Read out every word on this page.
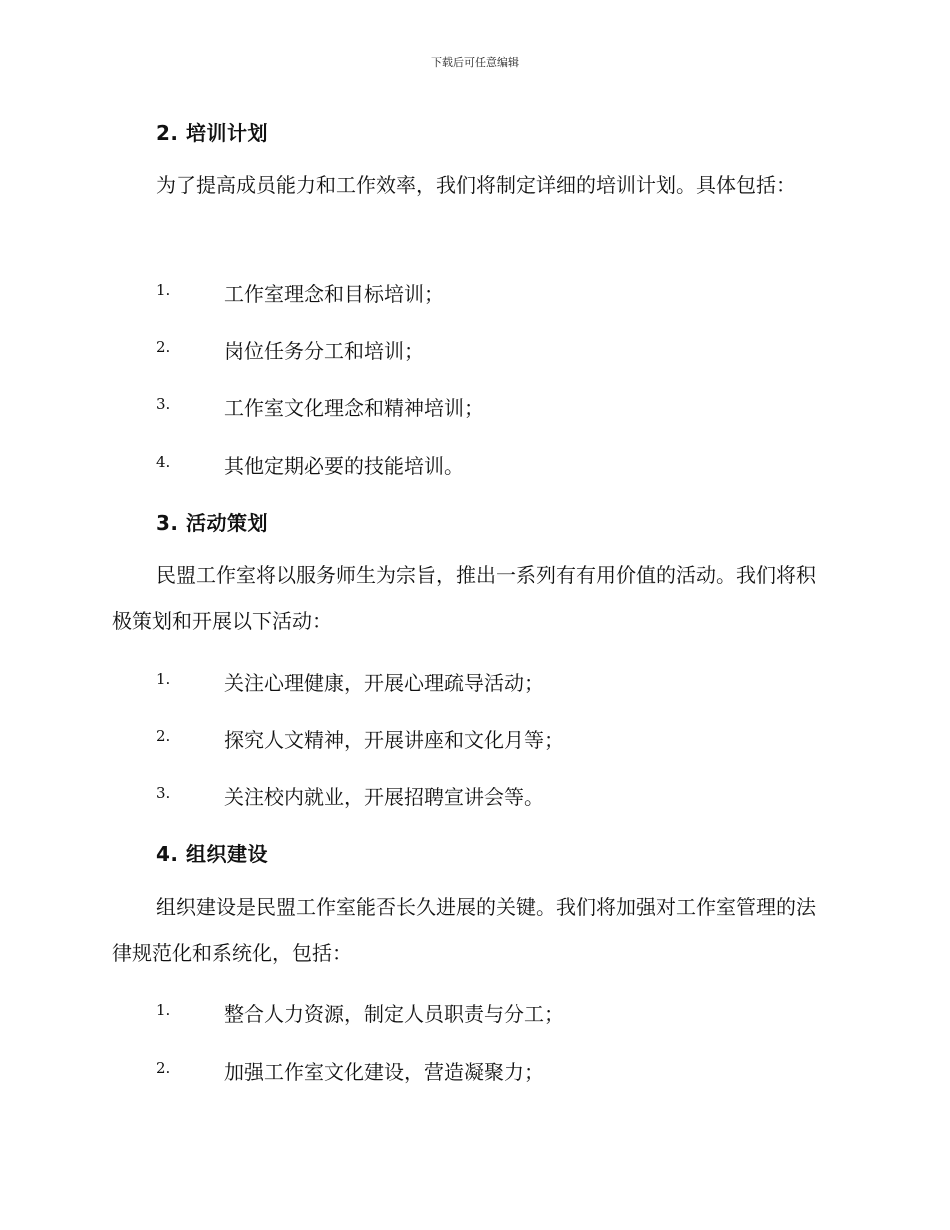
下载后可任意编辑
2. 培训计划

为了提高成员能力和工作效率，我们将制定详细的培训计划。具体包括：

1.	工作室理念和目标培训；
2.	岗位任务分工和培训；
3.	工作室文化理念和精神培训；
4.	其他定期必要的技能培训。
3. 活动策划

民盟工作室将以服务师生为宗旨，推出一系列有有用价值的活动。我们将积极策划和开展以下活动：

1.	关注心理健康，开展心理疏导活动；
2.	探究人文精神，开展讲座和文化月等；
3.	关注校内就业，开展招聘宣讲会等。
4. 组织建设

组织建设是民盟工作室能否长久进展的关键。我们将加强对工作室管理的法律规范化和系统化，包括：

1.	整合人力资源，制定人员职责与分工；
2.	加强工作室文化建设，营造凝聚力；
